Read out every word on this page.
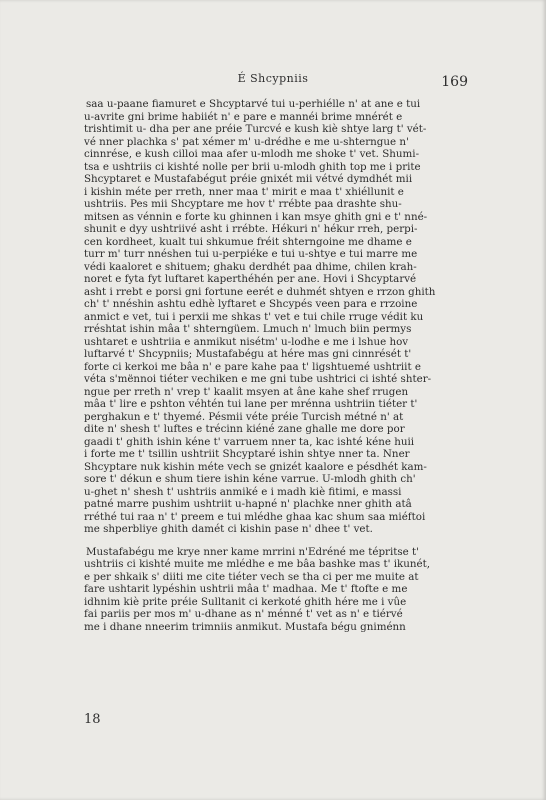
É Shcypniis	169
saa u-paane fiamuret e Shcyptarvé tui u-perhiélle n' at ane e tui
u-avrite gni brime habiiét n' e pare e mannéi brime mnérét e
trishtimit u- dha per ane préie Turcvé e kush kiè shtye larg t' vét-
vé nner plachka s' pat xémer m' u-drédhe e me u-shterngue n'
cinnrése, e kush cilloi maa afer u-mlodh me shoke t' vet. Shumi-
tsa e ushtriis ci kishté nolle per brii u-mlodh ghith top me i prite
Shcyptaret e Mustafabégut préie gnixét mii vétvé dymdhét mii
i kishin méte per rreth, nner maa t' mirit e maa t' xhiéllunit e
ushtriis. Pes mii Shcyptare me hov t' rrébte paa drashte shu-
mitsen as vénnin e forte ku ghinnen i kan msye ghith gni e t' nné-
shunit e dyy ushtriivé asht i rrébte. Hékuri n' hékur rreh, perpi-
cen kordheet, kualt tui shkumue fréit shterngoine me dhame e
turr m' turr nnéshen tui u-perpiéke e tui u-shtye e tui marre me
védi kaaloret e shituem; ghaku derdhét paa dhime, chilen krah-
noret e fyta fyt luftaret kaperthéhén per ane. Hovi i Shcyptarvé
asht i rrebt e porsi gni fortune eerét e duhmét shtyen e rrzon ghith
ch' t' nnéshin ashtu edhè lyftaret e Shcypés veen para e rrzoine
anmict e vet, tui i perxii me shkas t' vet e tui chile rruge védit ku
rréshtat ishin mâa t' shterngüem. Lmuch n' lmuch biin permys
ushtaret e ushtriia e anmikut nisétm' u-lodhe e me i lshue hov
luftarvé t' Shcypniis; Mustafabégu at hére mas gni cinnrését t'
forte ci kerkoi me bâa n' e pare kahe paa t' ligshtuemé ushtriit e
véta s'mënnoi tiéter vechiken e me gni tube ushtrici ci ishté shter-
ngue per rreth n' vrep t' kaalit msyen at âne kahe shef rrugen
mâa t' lire e pshton véhtén tui lane per mrénna ushtriin tiéter t'
perghakun e t' thyemé. Pésmii véte préie Turcish métné n' at
dite n' shesh t' luftes e trécinn kiéné zane ghalle me dore por
gaadi t' ghith ishin kéne t' varruem nner ta, kac ishté kéne huii
i forte me t' tsillin ushtriit Shcyptaré ishin shtye nner ta. Nner
Shcyptare nuk kishin méte vech se gnizét kaalore e pésdhét kam-
sore t' dékun e shum tiere ishin kéne varrue. U-mlodh ghith ch'
u-ghet n' shesh t' ushtriis anmiké e i madh kiè fitimi, e massi
patné marre pushim ushtriit u-hapné n' plachke nner ghith atâ
rréthé tui raa n' t' preem e tui mlédhe ghaa kac shum saa miéftoi
me shperbliye ghith damét ci kishin pase n' dhee t' vet.
Mustafabégu me krye nner kame mrrini n'Edréné me tépritse t'
ushtriis ci kishté muite me mlédhe e me bâa bashke mas t' ikunét,
e per shkaik s' diiti me cite tiéter vech se tha ci per me muite at
fare ushtarit lypéshin ushtrii mâa t' madhaa. Me t' ftofte e me
idhnim kiè prite préie Sulltanit ci kerkoté ghith hére me i vûe
fai pariis per mos m' u-dhane as n' ménné t' vet as n' e tiérvé
me i dhane nneerim trimniis anmikut. Mustafa bégu gniménn
18
